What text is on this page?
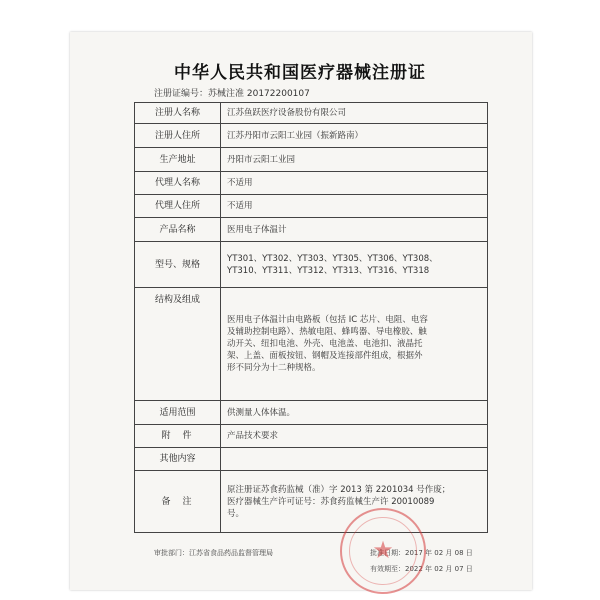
中华人民共和国医疗器械注册证
注册证编号：苏械注准 20172200107
注册人名称	江苏鱼跃医疗设备股份有限公司
注册人住所	江苏丹阳市云阳工业园（振新路南）
生产地址	丹阳市云阳工业园
代理人名称	不适用
代理人住所	不适用
产品名称	医用电子体温计
型号、规格	YT301、YT302、YT303、YT305、YT306、YT308、
YT310、YT311、YT312、YT313、YT316、YT318

结构及组成	医用电子体温计由电路板（包括 IC 芯片、电阻、电容
及辅助控制电路）、热敏电阻、蜂鸣器、导电橡胶、触
动开关、纽扣电池、外壳、电池盖、电池扣、液晶托
架、上盖、面板按钮、钢帽及连接部件组成，根据外
形不同分为十二种规格。

适用范围	供测量人体体温。
附件	产品技术要求
其他内容	
备注	原注册证苏食药监械（准）字 2013 第 2201034 号作废；
医疗器械生产许可证号：苏食药监械生产许 20010089
号。
审批部门：江苏省食品药品监督管理局	批准日期：2017 年 02 月 08 日
有效期至：2022 年 02 月 07 日
★
